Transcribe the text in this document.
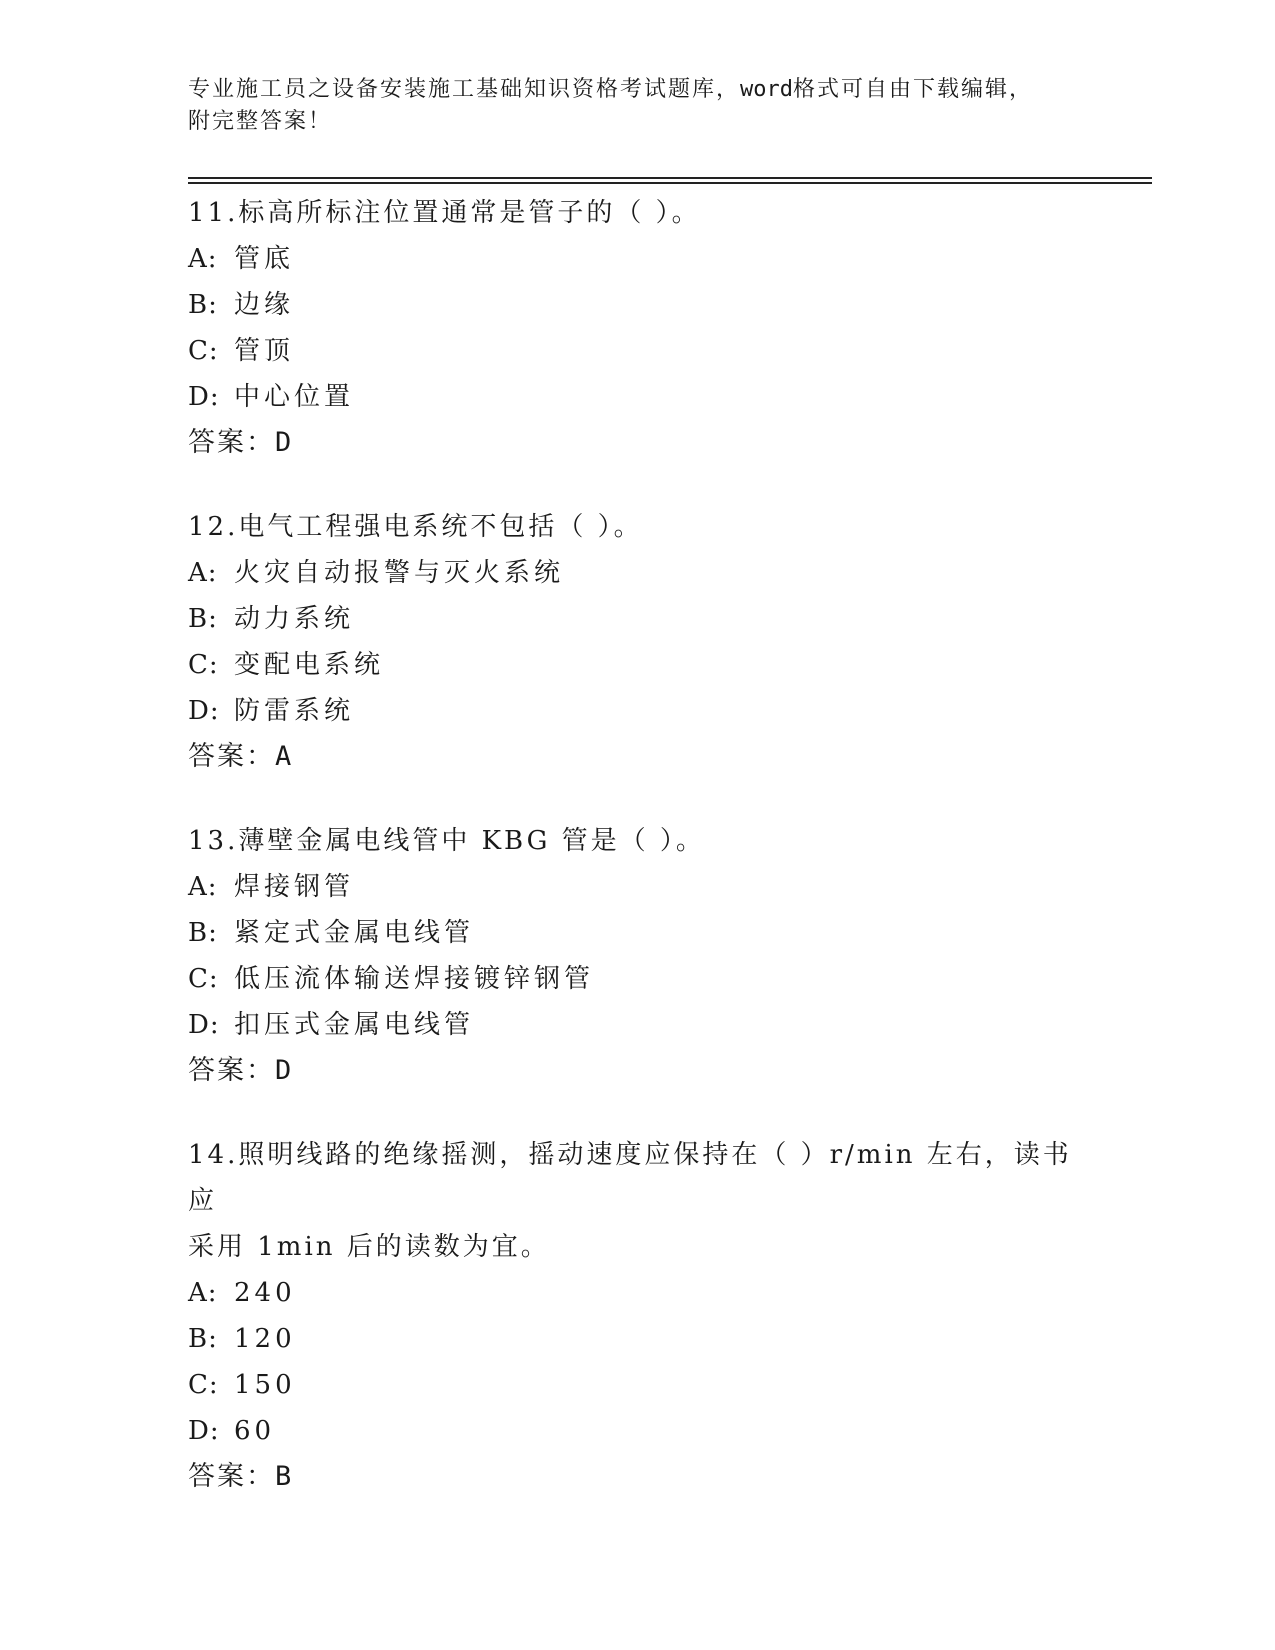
专业施工员之设备安装施工基础知识资格考试题库，word格式可自由下载编辑，
附完整答案！
11.标高所标注位置通常是管子的（ ）。
A: 管底
B: 边缘
C: 管顶
D: 中心位置
答案：D
12.电气工程强电系统不包括（ ）。
A: 火灾自动报警与灭火系统
B: 动力系统
C: 变配电系统
D: 防雷系统
答案：A
13.薄壁金属电线管中 KBG 管是（ ）。
A: 焊接钢管
B: 紧定式金属电线管
C: 低压流体输送焊接镀锌钢管
D: 扣压式金属电线管
答案：D
14.照明线路的绝缘摇测，摇动速度应保持在（ ）r/min 左右，读书应
采用 1min 后的读数为宜。
A: 240
B: 120
C: 150
D: 60
答案：B
